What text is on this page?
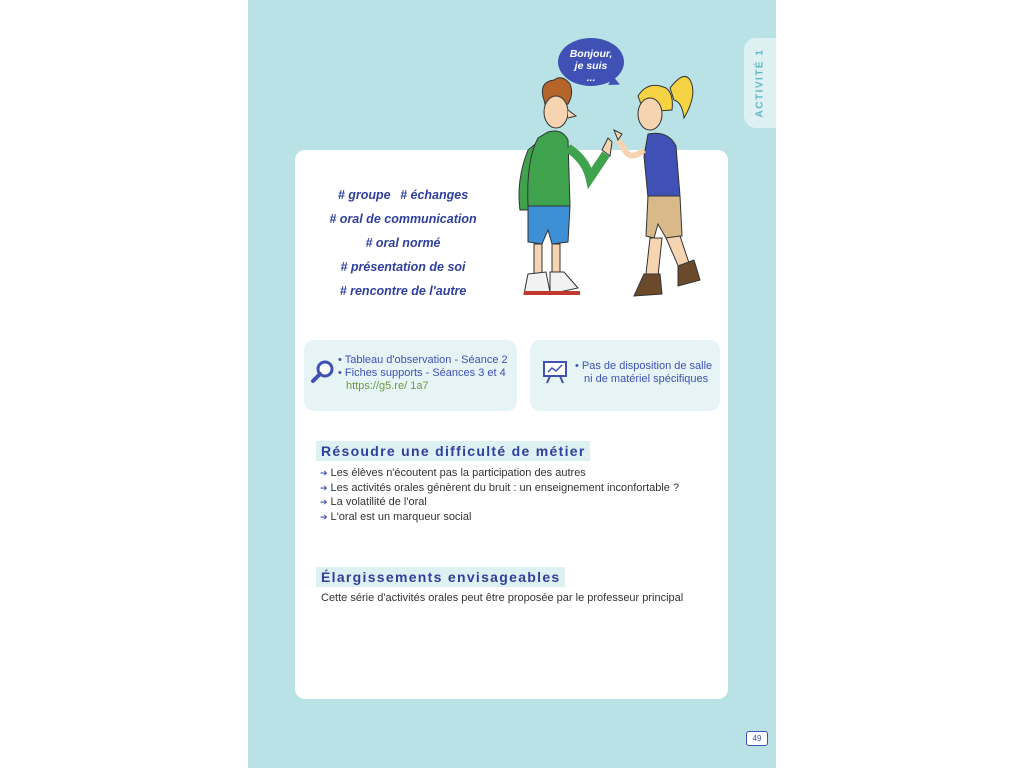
ACTIVITÉ 1
Bonjour,
je suis
...
# groupe # échanges
# oral de communication
# oral normé
# présentation de soi
# rencontre de l'autre
• Tableau d'observation - Séance 2
• Fiches supports - Séances 3 et 4
https://g5.re/ 1a7
• Pas de disposition de salle
ni de matériel spécifiques
Résoudre une difficulté de métier
➔ Les élèves n'écoutent pas la participation des autres
➔ Les activités orales génèrent du bruit : un enseignement inconfortable ?
➔ La volatilité de l'oral
➔ L'oral est un marqueur social
Élargissements envisageables
Cette série d'activités orales peut être proposée par le professeur principal
49
